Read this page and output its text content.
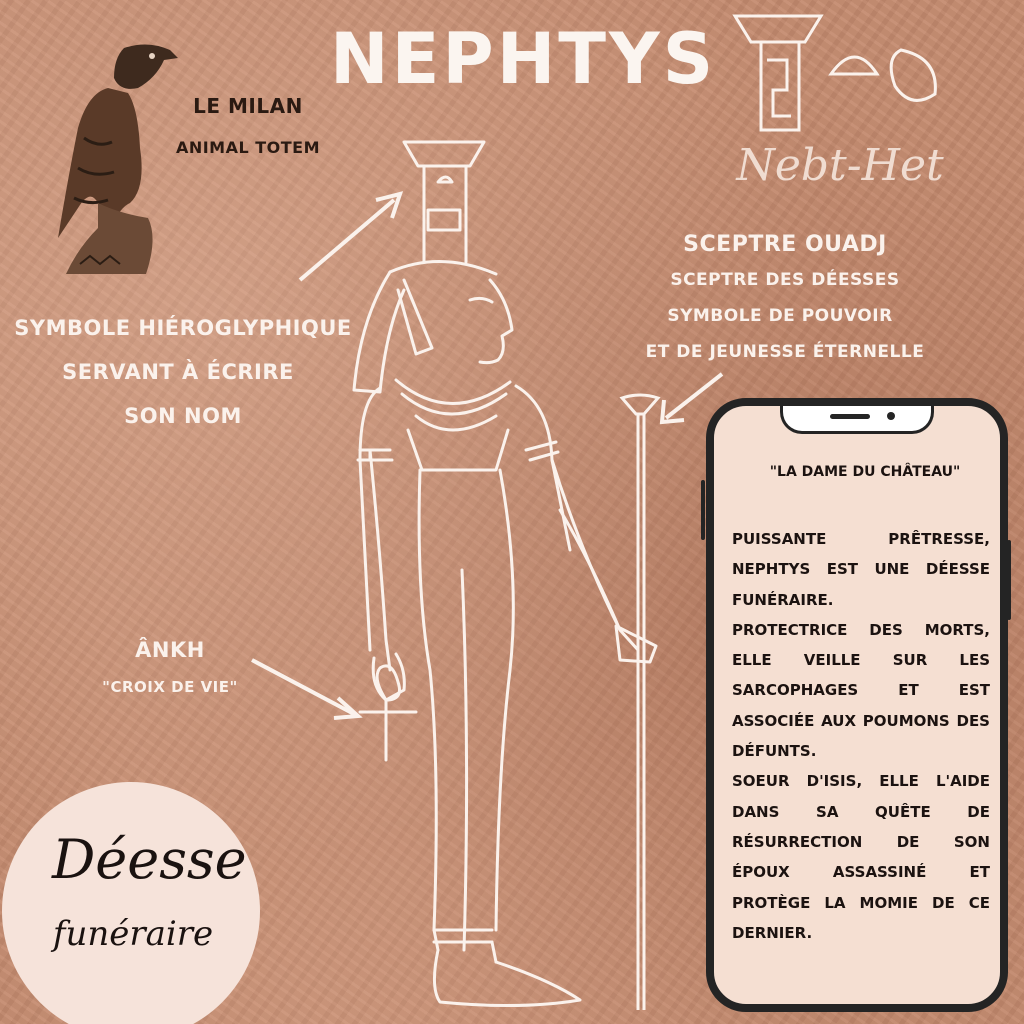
NEPHTYS
Nebt-Het
LE MILAN
ANIMAL TOTEM
SYMBOLE HIÉROGLYPHIQUE
SERVANT À ÉCRIRE
SON NOM
SCEPTRE OUADJ
SCEPTRE DES DÉESSES
SYMBOLE DE POUVOIR
ET DE JEUNESSE ÉTERNELLE
ÂNKH
"CROIX DE VIE"
"LA DAME DU CHÂTEAU"

PUISSANTE PRÊTRESSE, NEPHTYS EST UNE DÉESSE FUNÉRAIRE.

PROTECTRICE DES MORTS, ELLE VEILLE SUR LES SARCOPHAGES ET EST ASSOCIÉE AUX POUMONS DES DÉFUNTS.

SOEUR D'ISIS, ELLE L'AIDE DANS SA QUÊTE DE RÉSURRECTION DE SON ÉPOUX ASSASSINÉ ET PROTÈGE LA MOMIE DE CE DERNIER.

Déesse
funéraire
